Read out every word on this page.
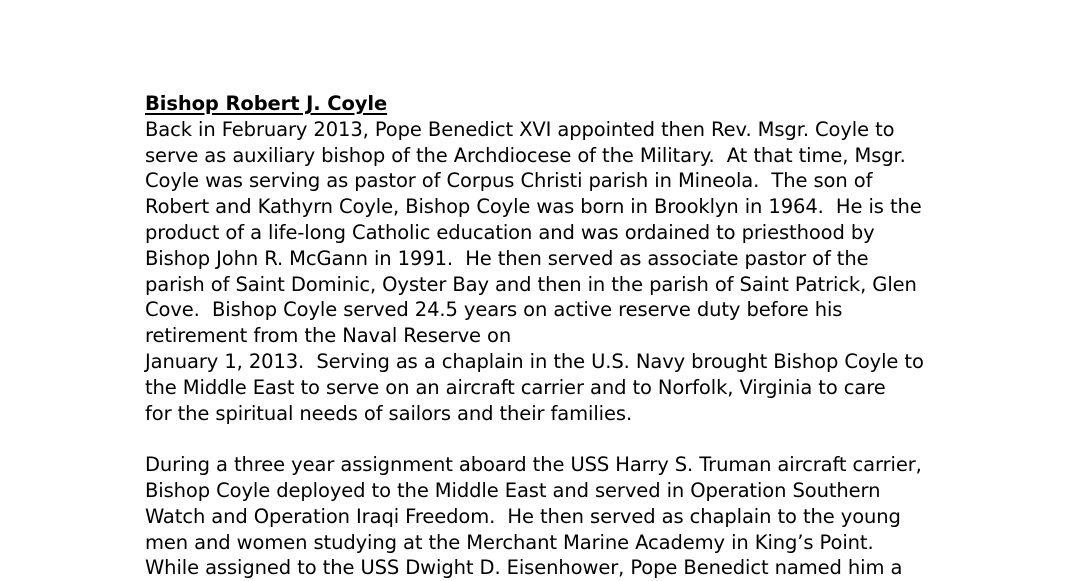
Bishop Robert J. Coyle
Back in February 2013, Pope Benedict XVI appointed then Rev. Msgr. Coyle to
serve as auxiliary bishop of the Archdiocese of the Military.  At that time, Msgr.
Coyle was serving as pastor of Corpus Christi parish in Mineola.  The son of
Robert and Kathyrn Coyle, Bishop Coyle was born in Brooklyn in 1964.  He is the
product of a life-long Catholic education and was ordained to priesthood by
Bishop John R. McGann in 1991.  He then served as associate pastor of the
parish of Saint Dominic, Oyster Bay and then in the parish of Saint Patrick, Glen
Cove.  Bishop Coyle served 24.5 years on active reserve duty before his
retirement from the Naval Reserve on
January 1, 2013.  Serving as a chaplain in the U.S. Navy brought Bishop Coyle to
the Middle East to serve on an aircraft carrier and to Norfolk, Virginia to care
for the spiritual needs of sailors and their families.
During a three year assignment aboard the USS Harry S. Truman aircraft carrier,
Bishop Coyle deployed to the Middle East and served in Operation Southern
Watch and Operation Iraqi Freedom.  He then served as chaplain to the young
men and women studying at the Merchant Marine Academy in King’s Point.
While assigned to the USS Dwight D. Eisenhower, Pope Benedict named him a
